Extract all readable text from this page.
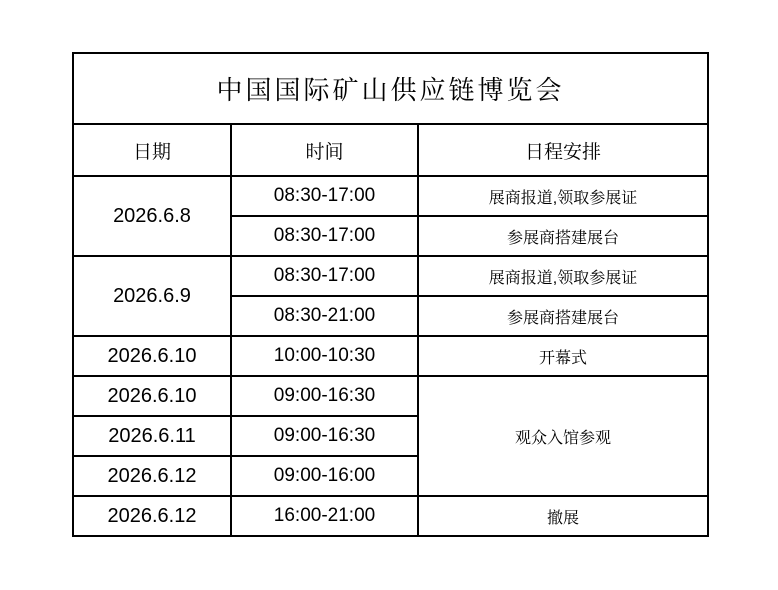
中国国际矿山供应链博览会		
日期	时间	日程安排
2026.6.8	08:30-17:00	展商报道,领取参展证
	08:30-17:00	参展商搭建展台
2026.6.9	08:30-17:00	展商报道,领取参展证
	08:30-21:00	参展商搭建展台
2026.6.10	10:00-10:30	开幕式
2026.6.10	09:00-16:30	观众入馆参观
2026.6.11	09:00-16:30	
2026.6.12	09:00-16:00	
2026.6.12	16:00-21:00	撤展
